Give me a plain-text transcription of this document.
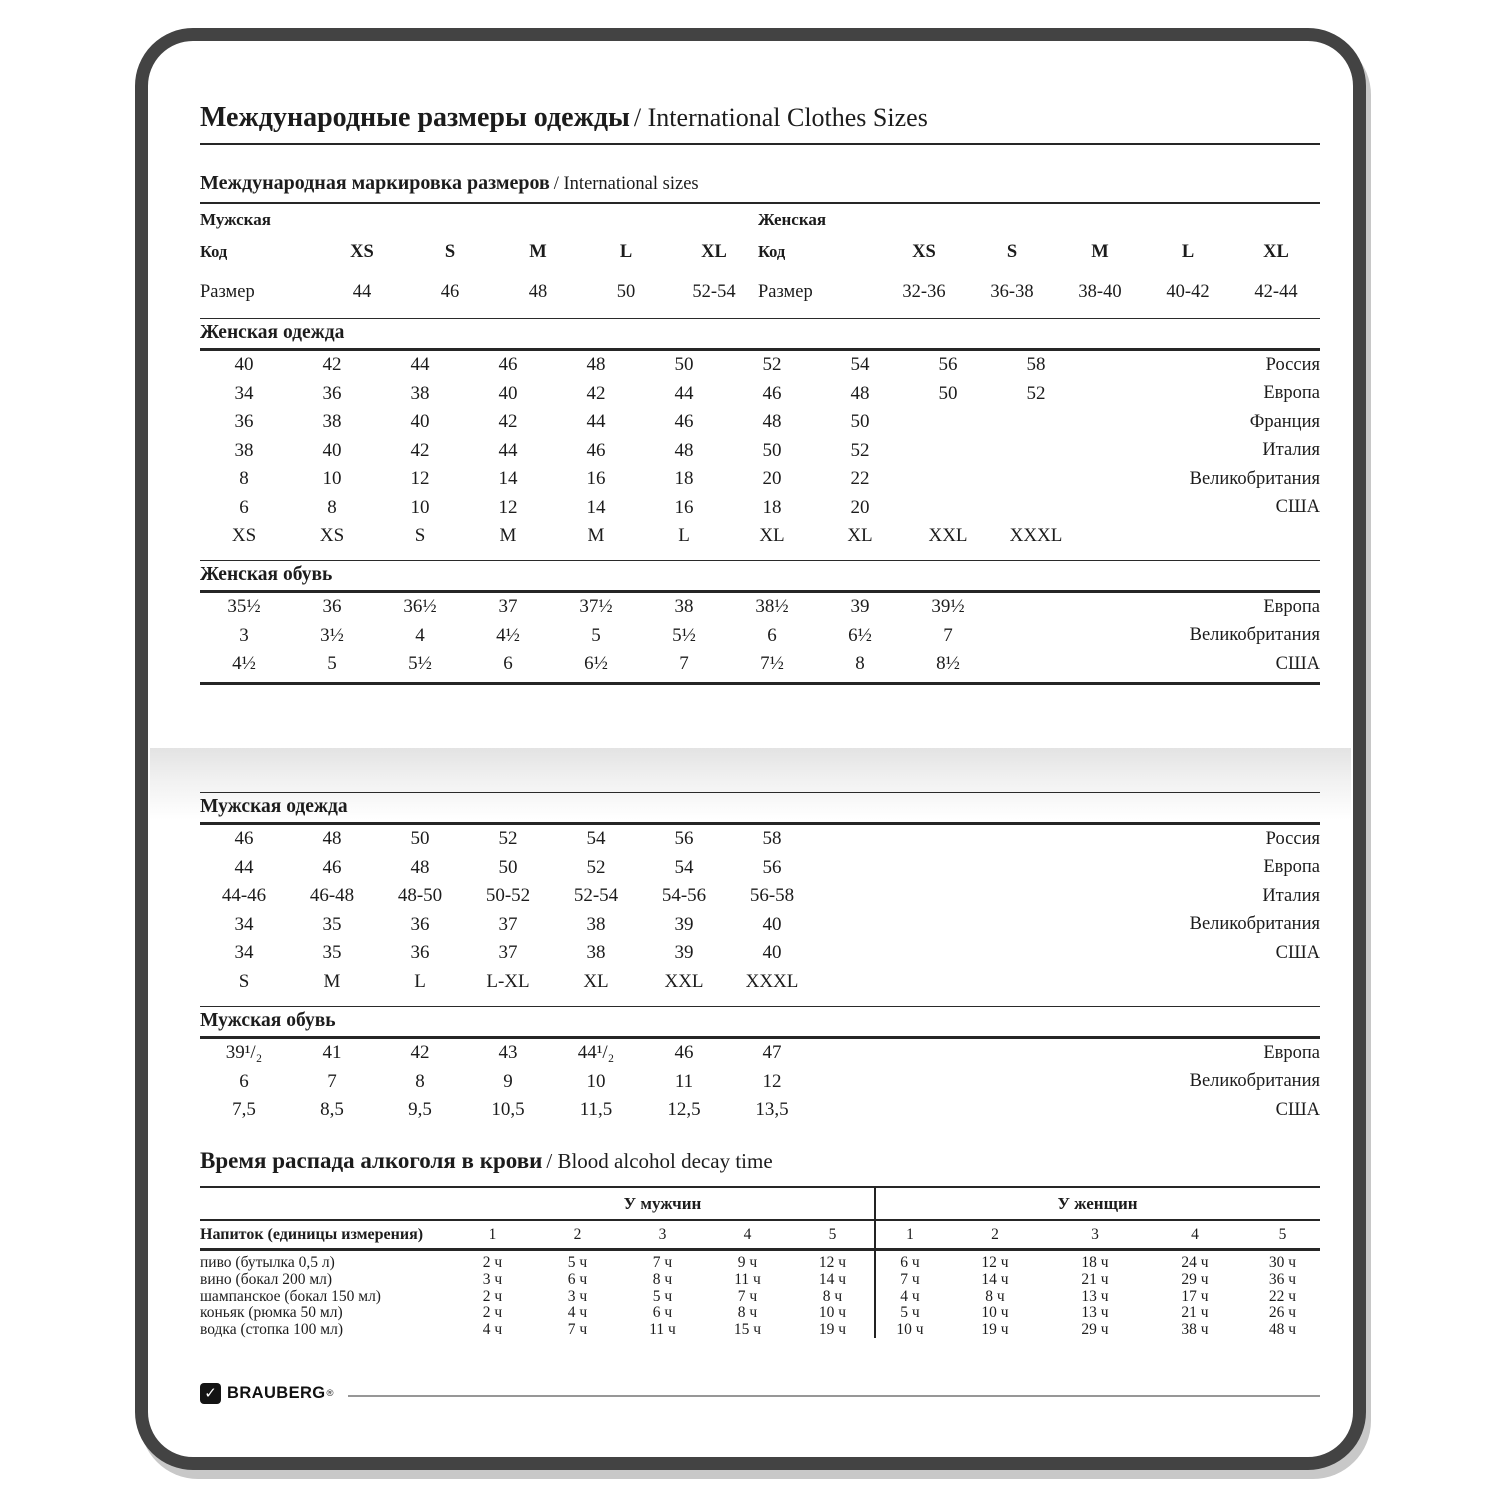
Международные размеры одежды / International Clothes Sizes
Международная маркировка размеров / International sizes
Мужская	Женская
Код	XS	S	M	L	XL	Код	XS	S	M	L	XL
Размер	44	46	48	50	52-54	Размер	32-36	36-38	38-40	40-42	42-44
Женская одежда
40	42	44	46	48	50	52	54	56	58	Россия
34	36	38	40	42	44	46	48	50	52	Европа
36	38	40	42	44	46	48	50	Франция
38	40	42	44	46	48	50	52	Италия
8	10	12	14	16	18	20	22	Великобритания
6	8	10	12	14	16	18	20	США
XS	XS	S	M	M	L	XL	XL	XXL	XXXL
Женская обувь
35½	36	36½	37	37½	38	38½	39	39½	Европа
3	3½	4	4½	5	5½	6	6½	7	Великобритания
4½	5	5½	6	6½	7	7½	8	8½	США
Мужская одежда
46	48	50	52	54	56	58	Россия
44	46	48	50	52	54	56	Европа
44-46	46-48	48-50	50-52	52-54	54-56	56-58	Италия
34	35	36	37	38	39	40	Великобритания
34	35	36	37	38	39	40	США
S	M	L	L-XL	XL	XXL	XXXL
Мужская обувь
39¹/₂	41	42	43	44¹/₂	46	47	Европа
6	7	8	9	10	11	12	Великобритания
7,5	8,5	9,5	10,5	11,5	12,5	13,5	США
Время распада алкоголя в крови / Blood alcohol decay time
У мужчин	У женщин
Напиток (единицы измерения)	1	2	3	4	5	1	2	3	4	5
пиво (бутылка 0,5 л)	2 ч	5 ч	7 ч	9 ч	12 ч	6 ч	12 ч	18 ч	24 ч	30 ч
вино (бокал 200 мл)	3 ч	6 ч	8 ч	11 ч	14 ч	7 ч	14 ч	21 ч	29 ч	36 ч
шампанское (бокал 150 мл)	2 ч	3 ч	5 ч	7 ч	8 ч	4 ч	8 ч	13 ч	17 ч	22 ч
коньяк (рюмка 50 мл)	2 ч	4 ч	6 ч	8 ч	10 ч	5 ч	10 ч	13 ч	21 ч	26 ч
водка (стопка 100 мл)	4 ч	7 ч	11 ч	15 ч	19 ч	10 ч	19 ч	29 ч	38 ч	48 ч
✓ BRAUBERG ®
